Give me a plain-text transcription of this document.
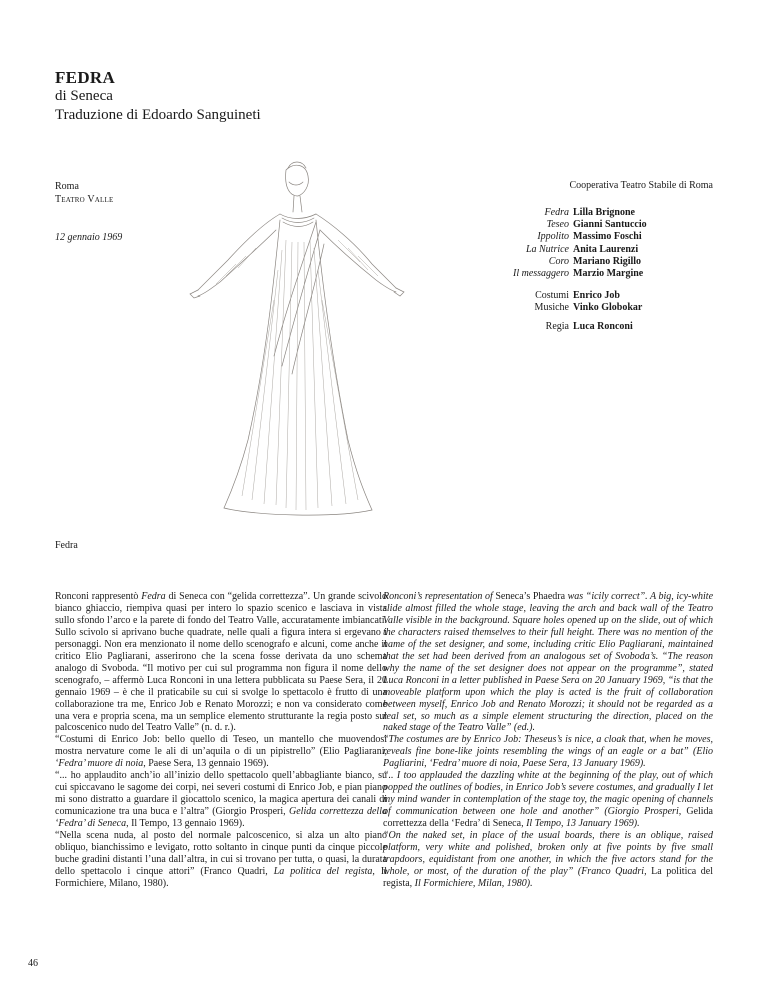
FEDRA
di Seneca
Traduzione di Edoardo Sanguineti
Roma
Teatro Valle
12 gennaio 1969
Fedra
Cooperativa Teatro Stabile di Roma
Fedra Lilla Brignone
Teseo Gianni Santuccio
Ippolito Massimo Foschi
La Nutrice Anita Laurenzi
Coro Mariano Rigillo
Il messaggero Marzio Margine
Costumi Enrico Job
Musiche Vinko Globokar
Regia Luca Ronconi

Ronconi rappresentò Fedra di Seneca con “gelida correttezza”. Un grande scivolo bianco ghiaccio, riempiva quasi per intero lo spazio scenico e lasciava in vista sullo sfondo l’arco e la parete di fondo del Teatro Valle, accuratamente imbiancati. Sullo scivolo si aprivano buche quadrate, nelle quali a figura intera si ergevano i personaggi. Non era menzionato il nome dello scenografo e alcuni, come anche il critico Elio Pagliarani, asserirono che la scena fosse derivata da uno schema analogo di Svoboda. “Il motivo per cui sul programma non figura il nome dello scenografo, – affermò Luca Ronconi in una lettera pubblicata su Paese Sera, il 20 gennaio 1969 – è che il praticabile su cui si svolge lo spettacolo è frutto di una collaborazione tra me, Enrico Job e Renato Morozzi; e non va considerato come una vera e propria scena, ma un semplice elemento strutturante la regia posto sul palcoscenico nudo del Teatro Valle” (n. d. r.).

“Costumi di Enrico Job: bello quello di Teseo, un mantello che muovendosi mostra nervature come le ali di un’aquila o di un pipistrello” (Elio Pagliarani, ‘Fedra’ muore di noia, Paese Sera, 13 gennaio 1969).

“... ho applaudito anch’io all’inizio dello spettacolo quell’abbagliante bianco, su cui spiccavano le sagome dei corpi, nei severi costumi di Enrico Job, e pian piano mi sono distratto a guardare il giocattolo scenico, la magica apertura dei canali di comunicazione tra una buca e l’altra” (Giorgio Prosperi, Gelida correttezza della ‘Fedra’ di Seneca, Il Tempo, 13 gennaio 1969).

“Nella scena nuda, al posto del normale palcoscenico, si alza un alto piano obliquo, bianchissimo e levigato, rotto soltanto in cinque punti da cinque piccole buche gradini distanti l’una dall’altra, in cui si trovano per tutta, o quasi, la durata dello spettacolo i cinque attori” (Franco Quadri, La politica del regista, Il Formichiere, Milano, 1980).

Ronconi’s representation of Seneca’s Phaedra was “icily correct”. A big, icy-white slide almost filled the whole stage, leaving the arch and back wall of the Teatro Valle visible in the background. Square holes opened up on the slide, out of which the characters raised themselves to their full height. There was no mention of the name of the set designer, and some, including critic Elio Pagliarani, maintained that the set had been derived from an analogous set of Svoboda’s. “The reason why the name of the set designer does not appear on the programme”, stated Luca Ronconi in a letter published in Paese Sera on 20 January 1969, “is that the moveable platform upon which the play is acted is the fruit of collaboration between myself, Enrico Job and Renato Morozzi; it should not be regarded as a real set, so much as a simple element structuring the direction, placed on the naked stage of the Teatro Valle” (ed.).

“The costumes are by Enrico Job: Theseus’s is nice, a cloak that, when he moves, reveals fine bone-like joints resembling the wings of an eagle or a bat” (Elio Pagliarini, ‘Fedra’ muore di noia, Paese Sera, 13 January 1969).

“.. I too applauded the dazzling white at the beginning of the play, out of which popped the outlines of bodies, in Enrico Job’s severe costumes, and gradually I let my mind wander in contemplation of the stage toy, the magic opening of channels of communication between one hole and another” (Giorgio Prosperi, Gelida correttezza della ‘Fedra’ di Seneca, Il Tempo, 13 January 1969).

“On the naked set, in place of the usual boards, there is an oblique, raised platform, very white and polished, broken only at five points by five small trapdoors, equidistant from one another, in which the five actors stand for the whole, or most, of the duration of the play” (Franco Quadri, La politica del regista, Il Formichiere, Milan, 1980).

46
